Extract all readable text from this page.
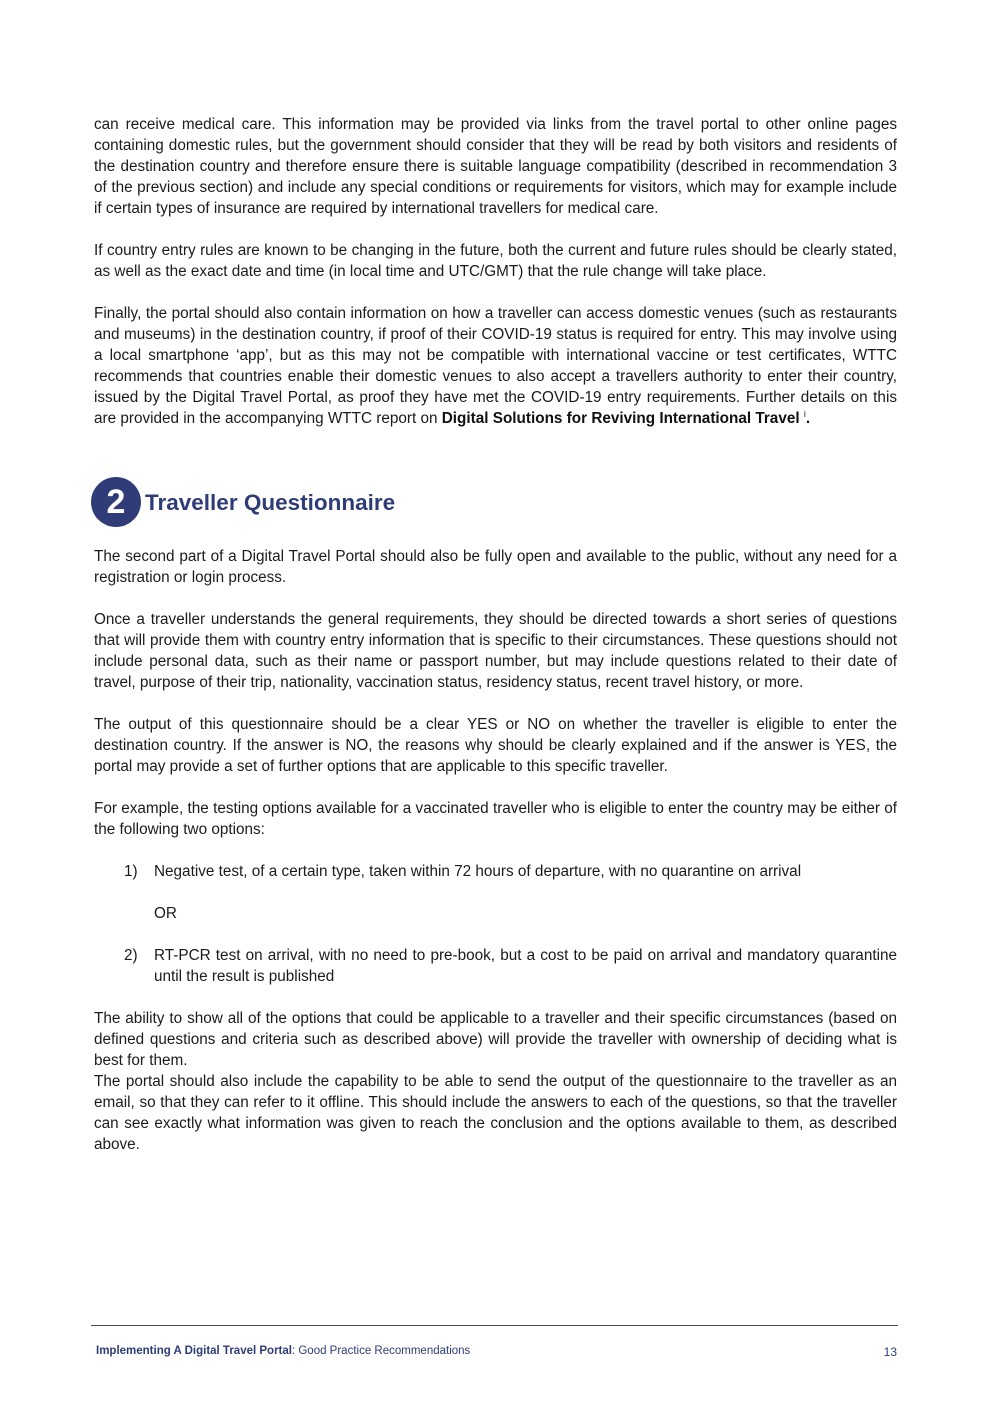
can receive medical care. This information may be provided via links from the travel portal to other online pages containing domestic rules, but the government should consider that they will be read by both visitors and residents of the destination country and therefore ensure there is suitable language compatibility (described in recommendation 3 of the previous section) and include any special conditions or requirements for visitors, which may for example include if certain types of insurance are required by international travellers for medical care.

If country entry rules are known to be changing in the future, both the current and future rules should be clearly stated, as well as the exact date and time (in local time and UTC/GMT) that the rule change will take place.

Finally, the portal should also contain information on how a traveller can access domestic venues (such as restaurants and museums) in the destination country, if proof of their COVID-19 status is required for entry. This may involve using a local smartphone ‘app’, but as this may not be compatible with international vaccine or test certificates, WTTC recommends that countries enable their domestic venues to also accept a travellers authority to enter their country, issued by the Digital Travel Portal, as proof they have met the COVID-19 entry requirements. Further details on this are provided in the accompanying WTTC report on Digital Solutions for Reviving International Travel $^i$.

2 Traveller Questionnaire

The second part of a Digital Travel Portal should also be fully open and available to the public, without any need for a registration or login process.

Once a traveller understands the general requirements, they should be directed towards a short series of questions that will provide them with country entry information that is specific to their circumstances. These questions should not include personal data, such as their name or passport number, but may include questions related to their date of travel, purpose of their trip, nationality, vaccination status, residency status, recent travel history, or more.

The output of this questionnaire should be a clear YES or NO on whether the traveller is eligible to enter the destination country. If the answer is NO, the reasons why should be clearly explained and if the answer is YES, the portal may provide a set of further options that are applicable to this specific traveller.

For example, the testing options available for a vaccinated traveller who is eligible to enter the country may be either of the following two options:

1)	Negative test, of a certain type, taken within 72 hours of departure, with no quarantine on arrival
OR
2)	RT-PCR test on arrival, with no need to pre-book, but a cost to be paid on arrival and mandatory quarantine until the result is published

The ability to show all of the options that could be applicable to a traveller and their specific circumstances (based on defined questions and criteria such as described above) will provide the traveller with ownership of deciding what is best for them.

The portal should also include the capability to be able to send the output of the questionnaire to the traveller as an email, so that they can refer to it offline. This should include the answers to each of the questions, so that the traveller can see exactly what information was given to reach the conclusion and the options available to them, as described above.

Implementing A Digital Travel Portal: Good Practice Recommendations	13
